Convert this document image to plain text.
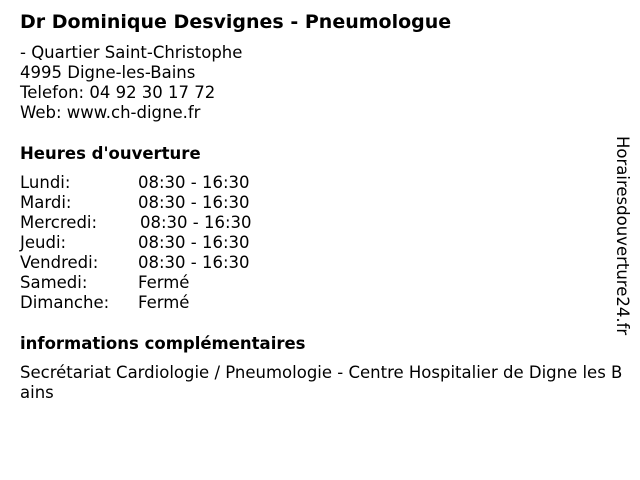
Dr Dominique Desvignes - Pneumologue
- Quartier Saint-Christophe
4995 Digne-les-Bains
Telefon: 04 92 30 17 72
Web: www.ch-digne.fr
Heures d'ouverture
Lundi:	08:30 - 16:30
Mardi:	08:30 - 16:30
Mercredi:	08:30 - 16:30
Jeudi:	08:30 - 16:30
Vendredi: 08:30 - 16:30
Samedi:	Fermé
Dimanche: Fermé
informations complémentaires
Secrétariat Cardiologie / Pneumologie - Centre Hospitalier de Digne les Bains
Horairesdouverture24.fr
